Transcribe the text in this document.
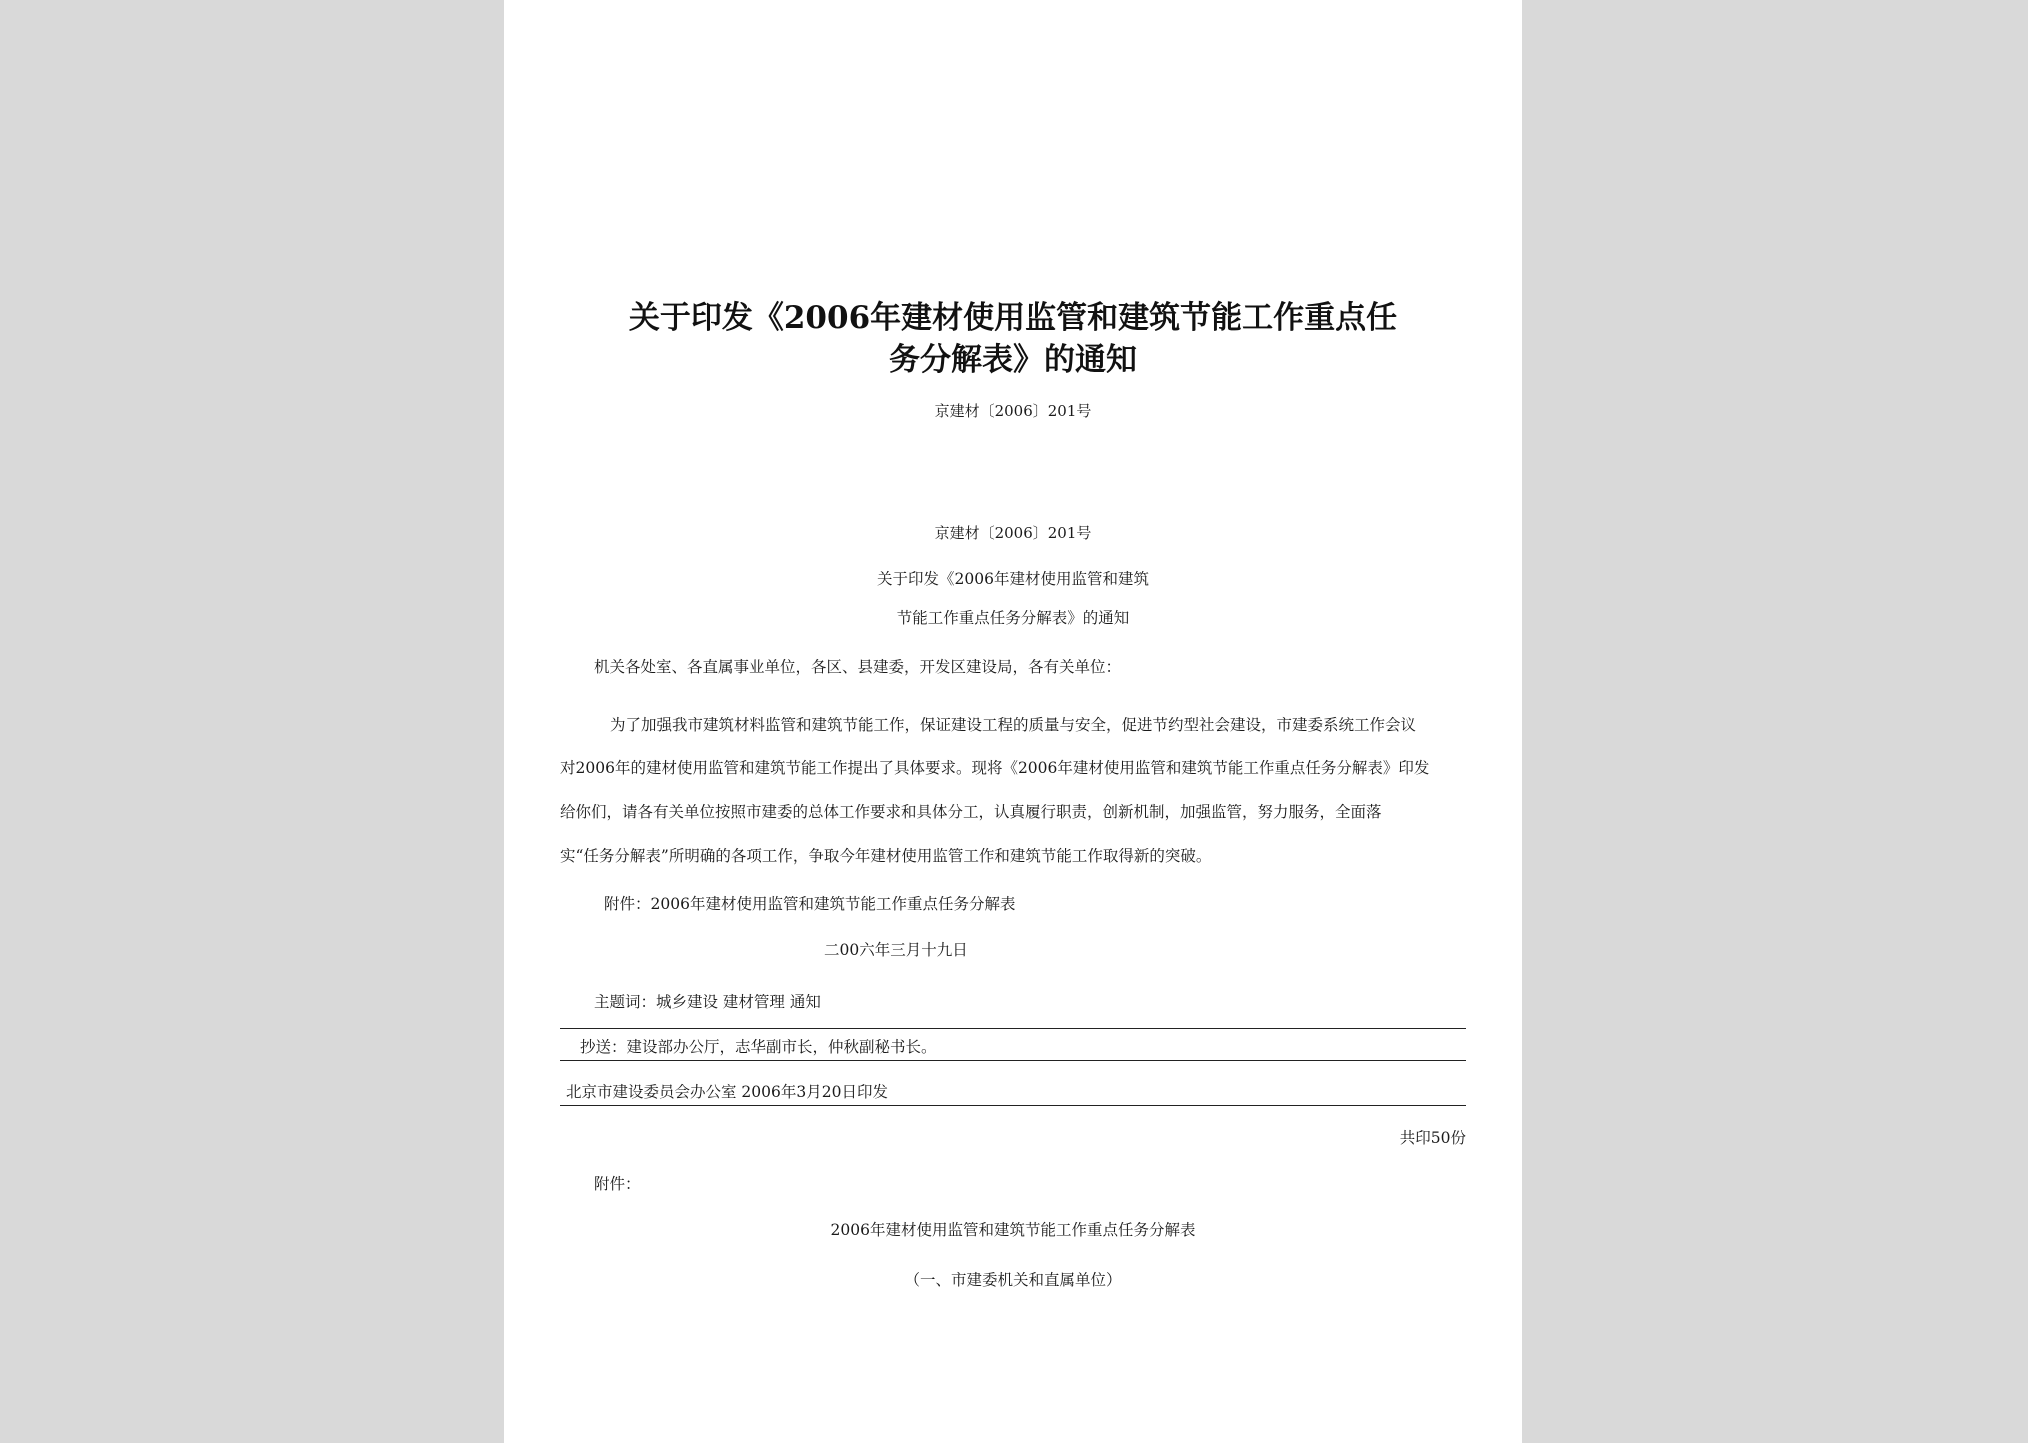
关于印发《2006年建材使用监管和建筑节能工作重点任
务分解表》的通知
京建材〔2006〕201号
京建材〔2006〕201号
关于印发《2006年建材使用监管和建筑
节能工作重点任务分解表》的通知
机关各处室、各直属事业单位，各区、县建委，开发区建设局，各有关单位：
为了加强我市建筑材料监管和建筑节能工作，保证建设工程的质量与安全，促进节约型社会建设，市建委系统工作会议
对2006年的建材使用监管和建筑节能工作提出了具体要求。现将《2006年建材使用监管和建筑节能工作重点任务分解表》印发
给你们，请各有关单位按照市建委的总体工作要求和具体分工，认真履行职责，创新机制，加强监管，努力服务，全面落
实“任务分解表”所明确的各项工作，争取今年建材使用监管工作和建筑节能工作取得新的突破。
附件：2006年建材使用监管和建筑节能工作重点任务分解表
二00六年三月十九日
主题词：城乡建设 建材管理 通知
抄送：建设部办公厅，志华副市长，仲秋副秘书长。
北京市建设委员会办公室 2006年3月20日印发
共印50份
附件：
2006年建材使用监管和建筑节能工作重点任务分解表
（一、市建委机关和直属单位）
